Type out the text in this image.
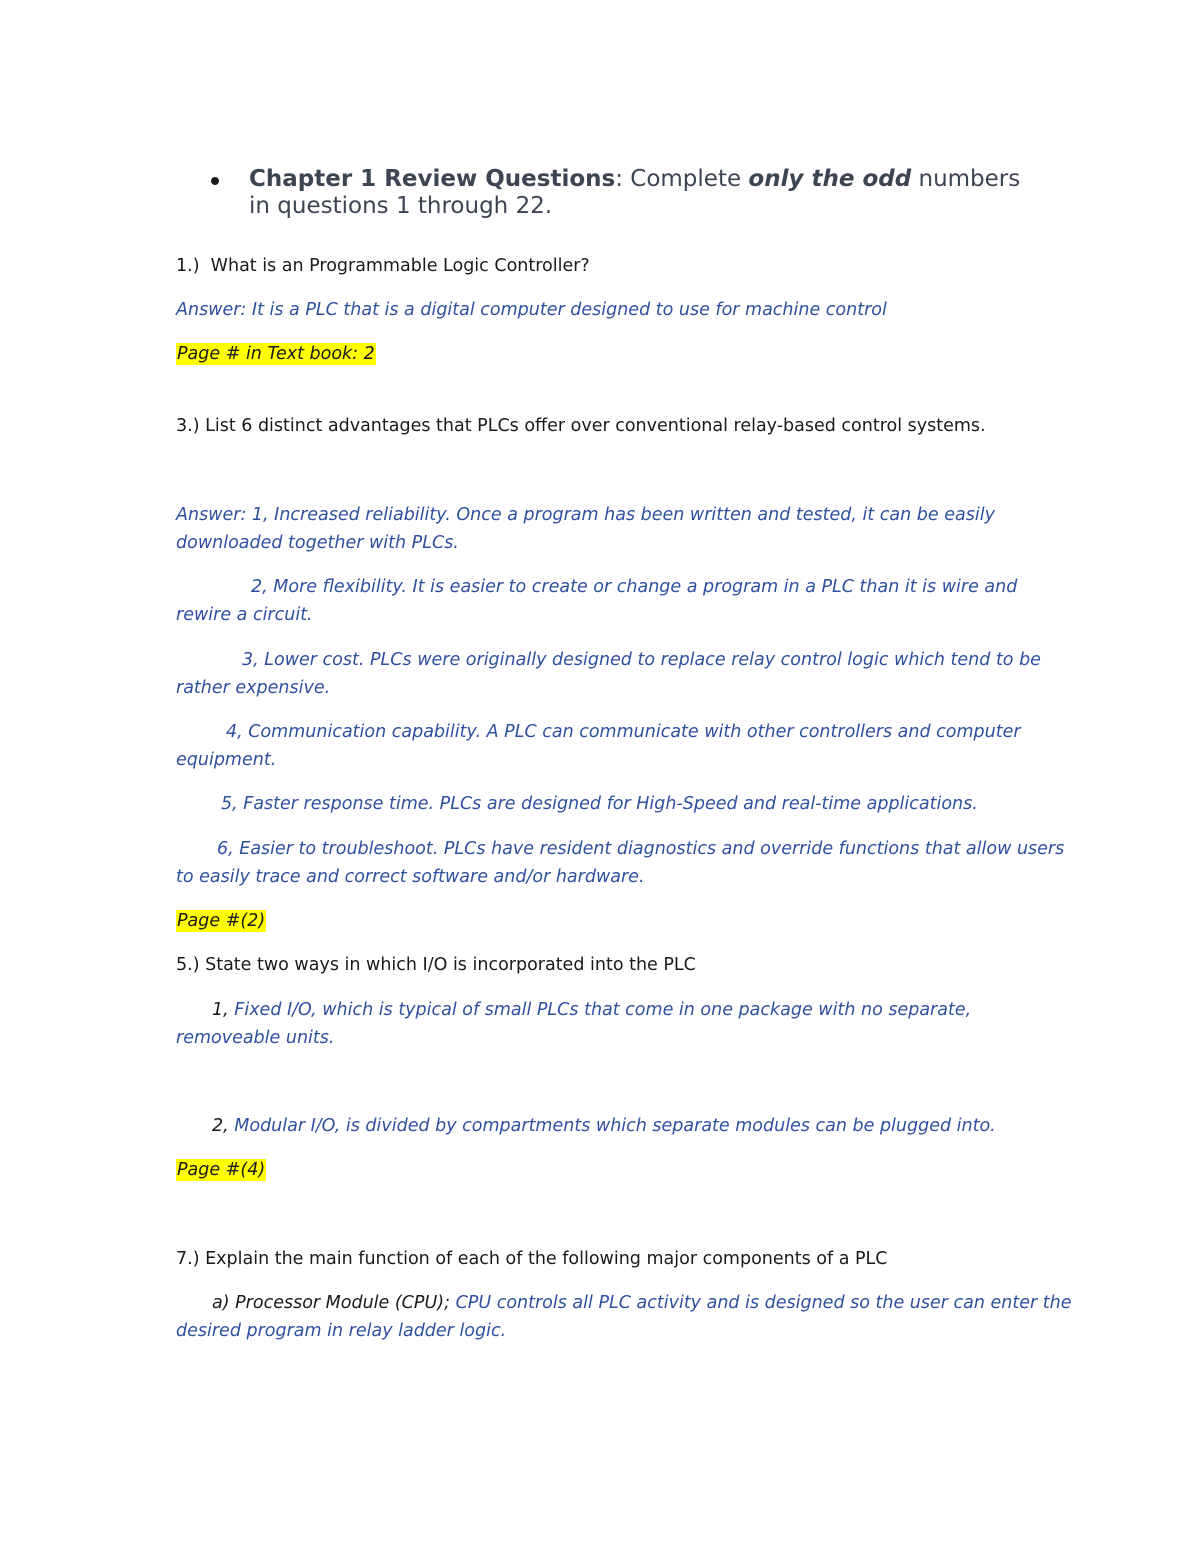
Chapter 1 Review Questions: Complete only the odd numbers
in questions 1 through 22.
1.) What is an Programmable Logic Controller?
Answer: It is a PLC that is a digital computer designed to use for machine control
Page # in Text book: 2
3.) List 6 distinct advantages that PLCs offer over conventional relay-based control systems.
Answer: 1, Increased reliability. Once a program has been written and tested, it can be easily
downloaded together with PLCs.
2, More flexibility. It is easier to create or change a program in a PLC than it is wire and
rewire a circuit.
3, Lower cost. PLCs were originally designed to replace relay control logic which tend to be
rather expensive.
4, Communication capability. A PLC can communicate with other controllers and computer
equipment.
5, Faster response time. PLCs are designed for High-Speed and real-time applications.
6, Easier to troubleshoot. PLCs have resident diagnostics and override functions that allow users
to easily trace and correct software and/or hardware.
Page #(2)
5.) State two ways in which I/O is incorporated into the PLC
1, Fixed I/O, which is typical of small PLCs that come in one package with no separate,
removeable units.
2, Modular I/O, is divided by compartments which separate modules can be plugged into.
Page #(4)
7.) Explain the main function of each of the following major components of a PLC
a) Processor Module (CPU); CPU controls all PLC activity and is designed so the user can enter the
desired program in relay ladder logic.
